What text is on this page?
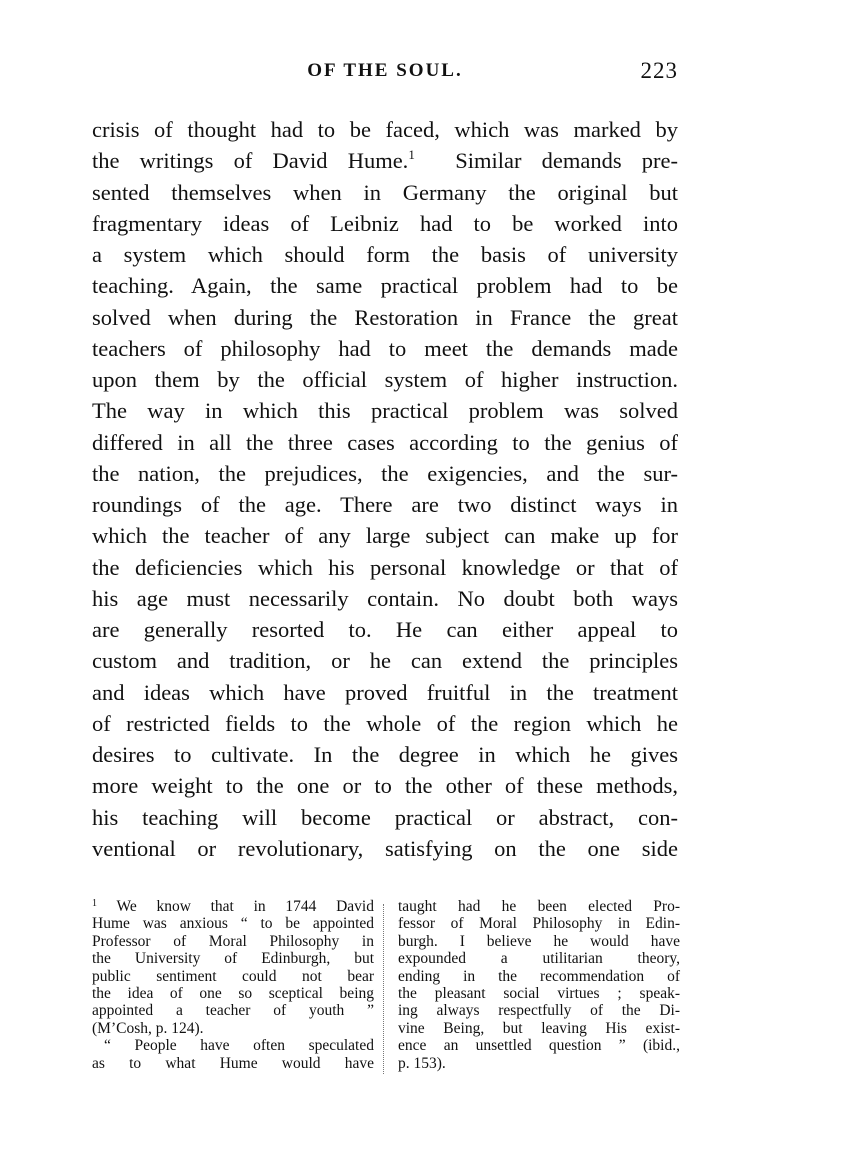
OF THE SOUL.	223
crisis of thought had to be faced, which was marked by
the writings of David Hume.$^1$ Similar demands pre-
sented themselves when in Germany the original but
fragmentary ideas of Leibniz had to be worked into
a system which should form the basis of university
teaching. Again, the same practical problem had to be
solved when during the Restoration in France the great
teachers of philosophy had to meet the demands made
upon them by the official system of higher instruction.
The way in which this practical problem was solved
differed in all the three cases according to the genius of
the nation, the prejudices, the exigencies, and the sur-
roundings of the age. There are two distinct ways in
which the teacher of any large subject can make up for
the deficiencies which his personal knowledge or that of
his age must necessarily contain. No doubt both ways
are generally resorted to. He can either appeal to
custom and tradition, or he can extend the principles
and ideas which have proved fruitful in the treatment
of restricted fields to the whole of the region which he
desires to cultivate. In the degree in which he gives
more weight to the one or to the other of these methods,
his teaching will become practical or abstract, con-
ventional or revolutionary, satisfying on the one side
$^1$ We know that in 1744 David
Hume was anxious “ to be appointed
Professor of Moral Philosophy in
the University of Edinburgh, but
public sentiment could not bear
the idea of one so sceptical being
appointed a teacher of youth ”
(M’Cosh, p. 124).
“ People have often speculated
as to what Hume would have
taught had he been elected Pro-
fessor of Moral Philosophy in Edin-
burgh. I believe he would have
expounded a utilitarian theory,
ending in the recommendation of
the pleasant social virtues ; speak-
ing always respectfully of the Di-
vine Being, but leaving His exist-
ence an unsettled question ” (ibid.,
p. 153).
